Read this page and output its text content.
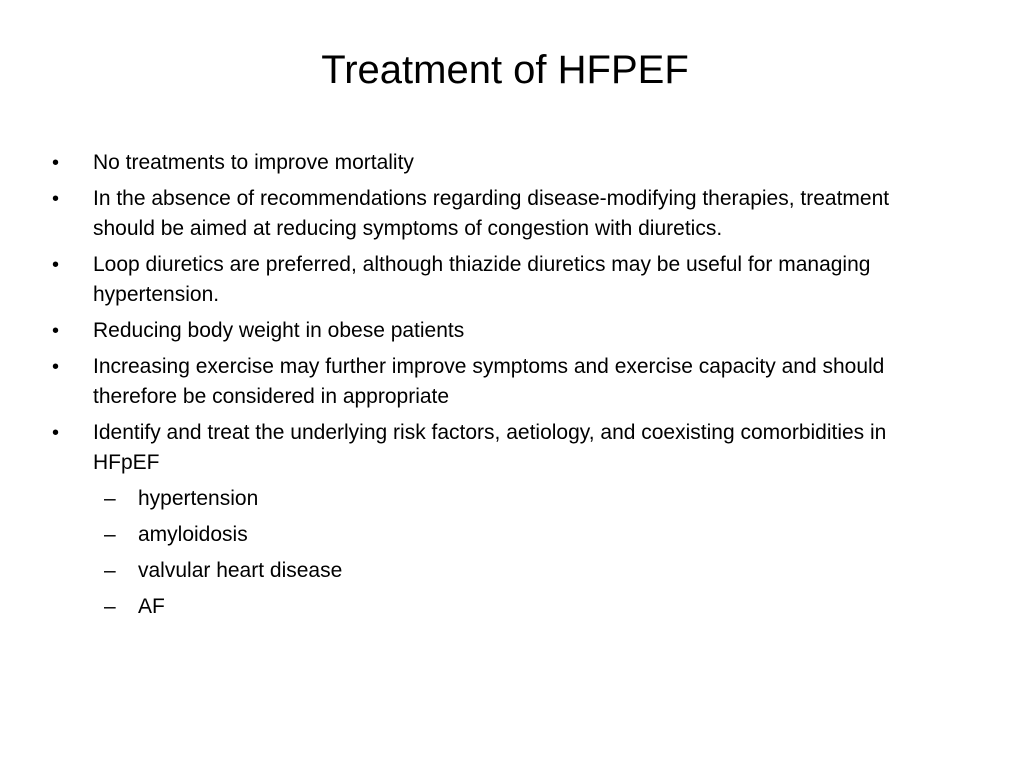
Treatment of HFPEF
•	No treatments to improve mortality
•	In the absence of recommendations regarding disease-modifying therapies, treatment should be aimed at reducing symptoms of congestion with diuretics.
•	Loop diuretics are preferred, although thiazide diuretics may be useful for managing hypertension.
•	Reducing body weight in obese patients
•	Increasing exercise may further improve symptoms and exercise capacity and should therefore be considered in appropriate
•	Identify and treat the underlying risk factors, aetiology, and coexisting comorbidities in HFpEF
–	hypertension
–	amyloidosis
–	valvular heart disease
–	AF
